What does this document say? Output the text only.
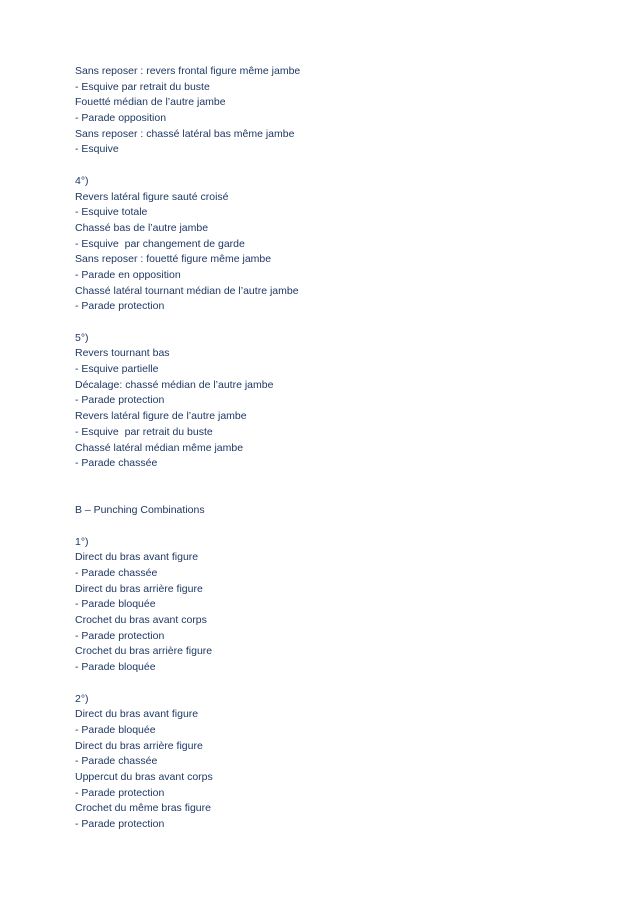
Sans reposer : revers frontal figure même jambe
- Esquive par retrait du buste
Fouetté médian de l’autre jambe
- Parade opposition
Sans reposer : chassé latéral bas même jambe
- Esquive
4°)
Revers latéral figure sauté croisé
- Esquive totale
Chassé bas de l’autre jambe
- Esquive  par changement de garde
Sans reposer : fouetté figure même jambe
- Parade en opposition
Chassé latéral tournant médian de l’autre jambe
- Parade protection
5°)
Revers tournant bas
- Esquive partielle
Décalage: chassé médian de l’autre jambe
- Parade protection
Revers latéral figure de l’autre jambe
- Esquive  par retrait du buste
Chassé latéral médian même jambe
- Parade chassée
B – Punching Combinations
1°)
Direct du bras avant figure
- Parade chassée
Direct du bras arrière figure
- Parade bloquée
Crochet du bras avant corps
- Parade protection
Crochet du bras arrière figure
- Parade bloquée
2°)
Direct du bras avant figure
- Parade bloquée
Direct du bras arrière figure
- Parade chassée
Uppercut du bras avant corps
- Parade protection
Crochet du même bras figure
- Parade protection
